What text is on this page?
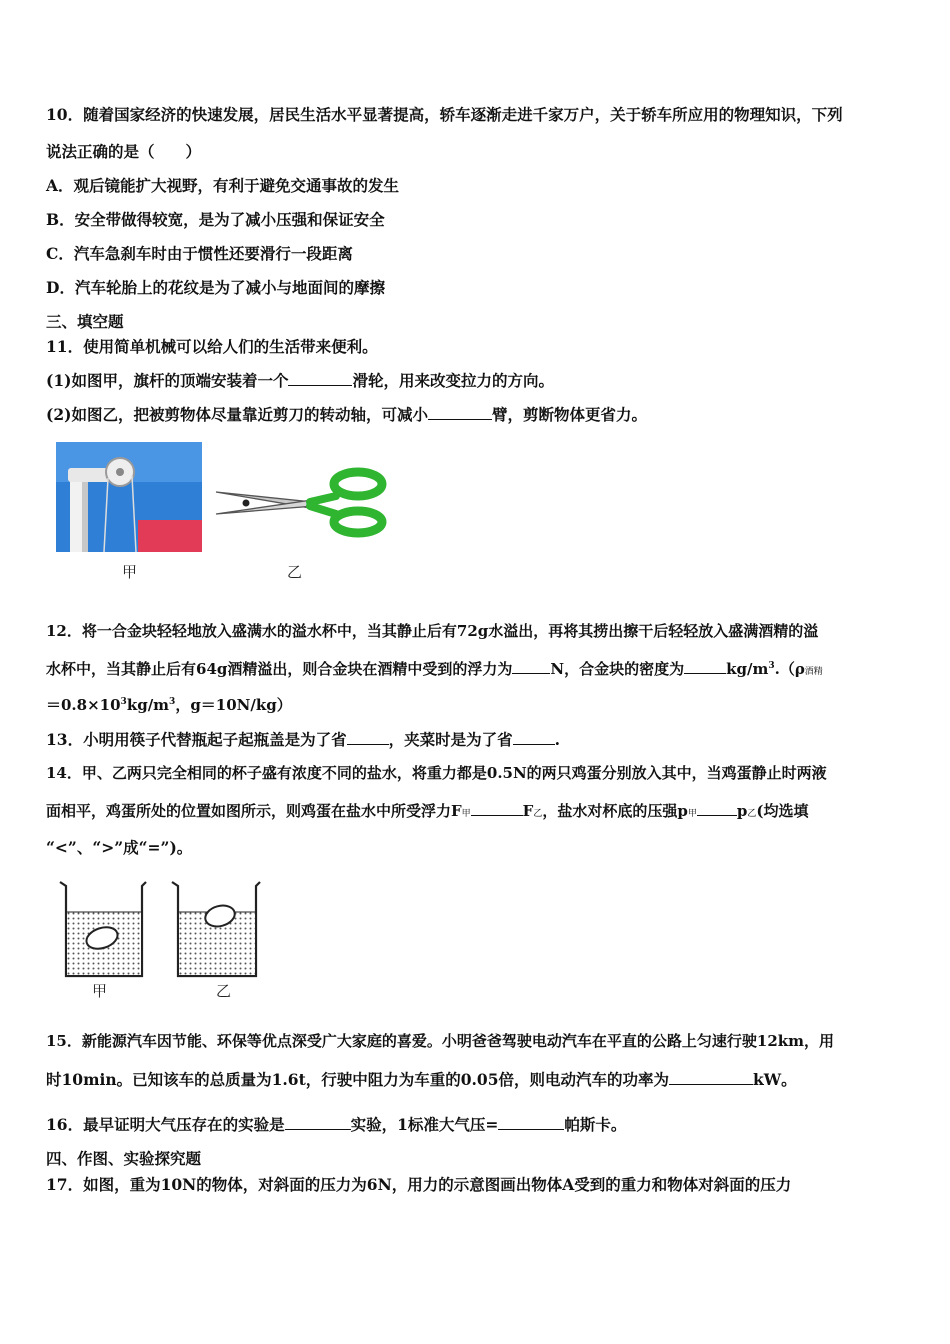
10．随着国家经济的快速发展，居民生活水平显著提高，轿车逐渐走进千家万户，关于轿车所应用的物理知识，下列
说法正确的是（　　）
A．观后镜能扩大视野，有利于避免交通事故的发生
B．安全带做得较宽，是为了减小压强和保证安全
C．汽车急刹车时由于惯性还要滑行一段距离
D．汽车轮胎上的花纹是为了减小与地面间的摩擦
三、填空题
11．使用简单机械可以给人们的生活带来便利。
(1)如图甲，旗杆的顶端安装着一个	滑轮，用来改变拉力的方向。
(2)如图乙，把被剪物体尽量靠近剪刀的转动轴，可减小	臂，剪断物体更省力。
甲	乙
12．将一合金块轻轻地放入盛满水的溢水杯中，当其静止后有72g水溢出，再将其捞出擦干后轻轻放入盛满酒精的溢
水杯中，当其静止后有64g酒精溢出，则合金块在酒精中受到的浮力为	N，合金块的密度为	$kg/m^3.(\rho$酒精
$=0.8\times 10^3kg/m^3$，g＝10N/kg）
13．小明用筷子代替瓶起子起瓶盖是为了省	，夹菜时是为了省	.
14．甲、乙两只完全相同的杯子盛有浓度不同的盐水，将重力都是0.5N的两只鸡蛋分别放入其中，当鸡蛋静止时两液
面相平，鸡蛋所处的位置如图所示，则鸡蛋在盐水中所受浮力F甲	F乙，盐水对杯底的压强p甲	p乙(均选填
“<”、“>”成“=”)。
甲	乙
15．新能源汽车因节能、环保等优点深受广大家庭的喜爱。小明爸爸驾驶电动汽车在平直的公路上匀速行驶12km，用
时10min。已知该车的总质量为1.6t，行驶中阻力为车重的0.05倍，则电动汽车的功率为	kW。
16．最早证明大气压存在的实验是	实验，1标准大气压=	帕斯卡。
四、作图、实验探究题
17．如图，重为10N的物体，对斜面的压力为6N，用力的示意图画出物体A受到的重力和物体对斜面的压力
